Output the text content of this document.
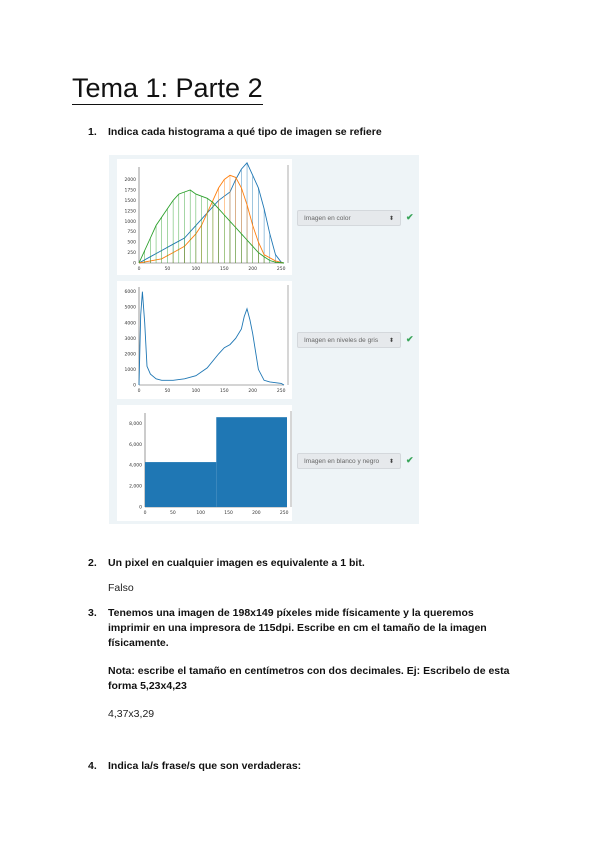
Tema 1: Parte 2
1. Indica cada histograma a qué tipo de imagen se refiere
2000
1750
1500
1250
1000
750
500
250
0
0	50	100	150	200	250
Imagen en color	⬍ ✔
6000
5000
4000
3000
2000
1000
0
0	50	100	150	200	250
Imagen en niveles de gris ⬍ ✔
8,000
6,000
4,000
2,000
0
0	50	100	150	200	250
Imagen en blanco y negro ⬍ ✔
2. Un pixel en cualquier imagen es equivalente a 1 bit.
Falso
3. Tenemos una imagen de 198x149 píxeles mide físicamente y la queremos imprimir en una impresora de 115dpi. Escribe en cm el tamaño de la imagen físicamente.
Nota: escribe el tamaño en centímetros con dos decimales. Ej: Escribelo de esta forma 5,23x4,23
4,37x3,29
4. Indica la/s frase/s que son verdaderas:
